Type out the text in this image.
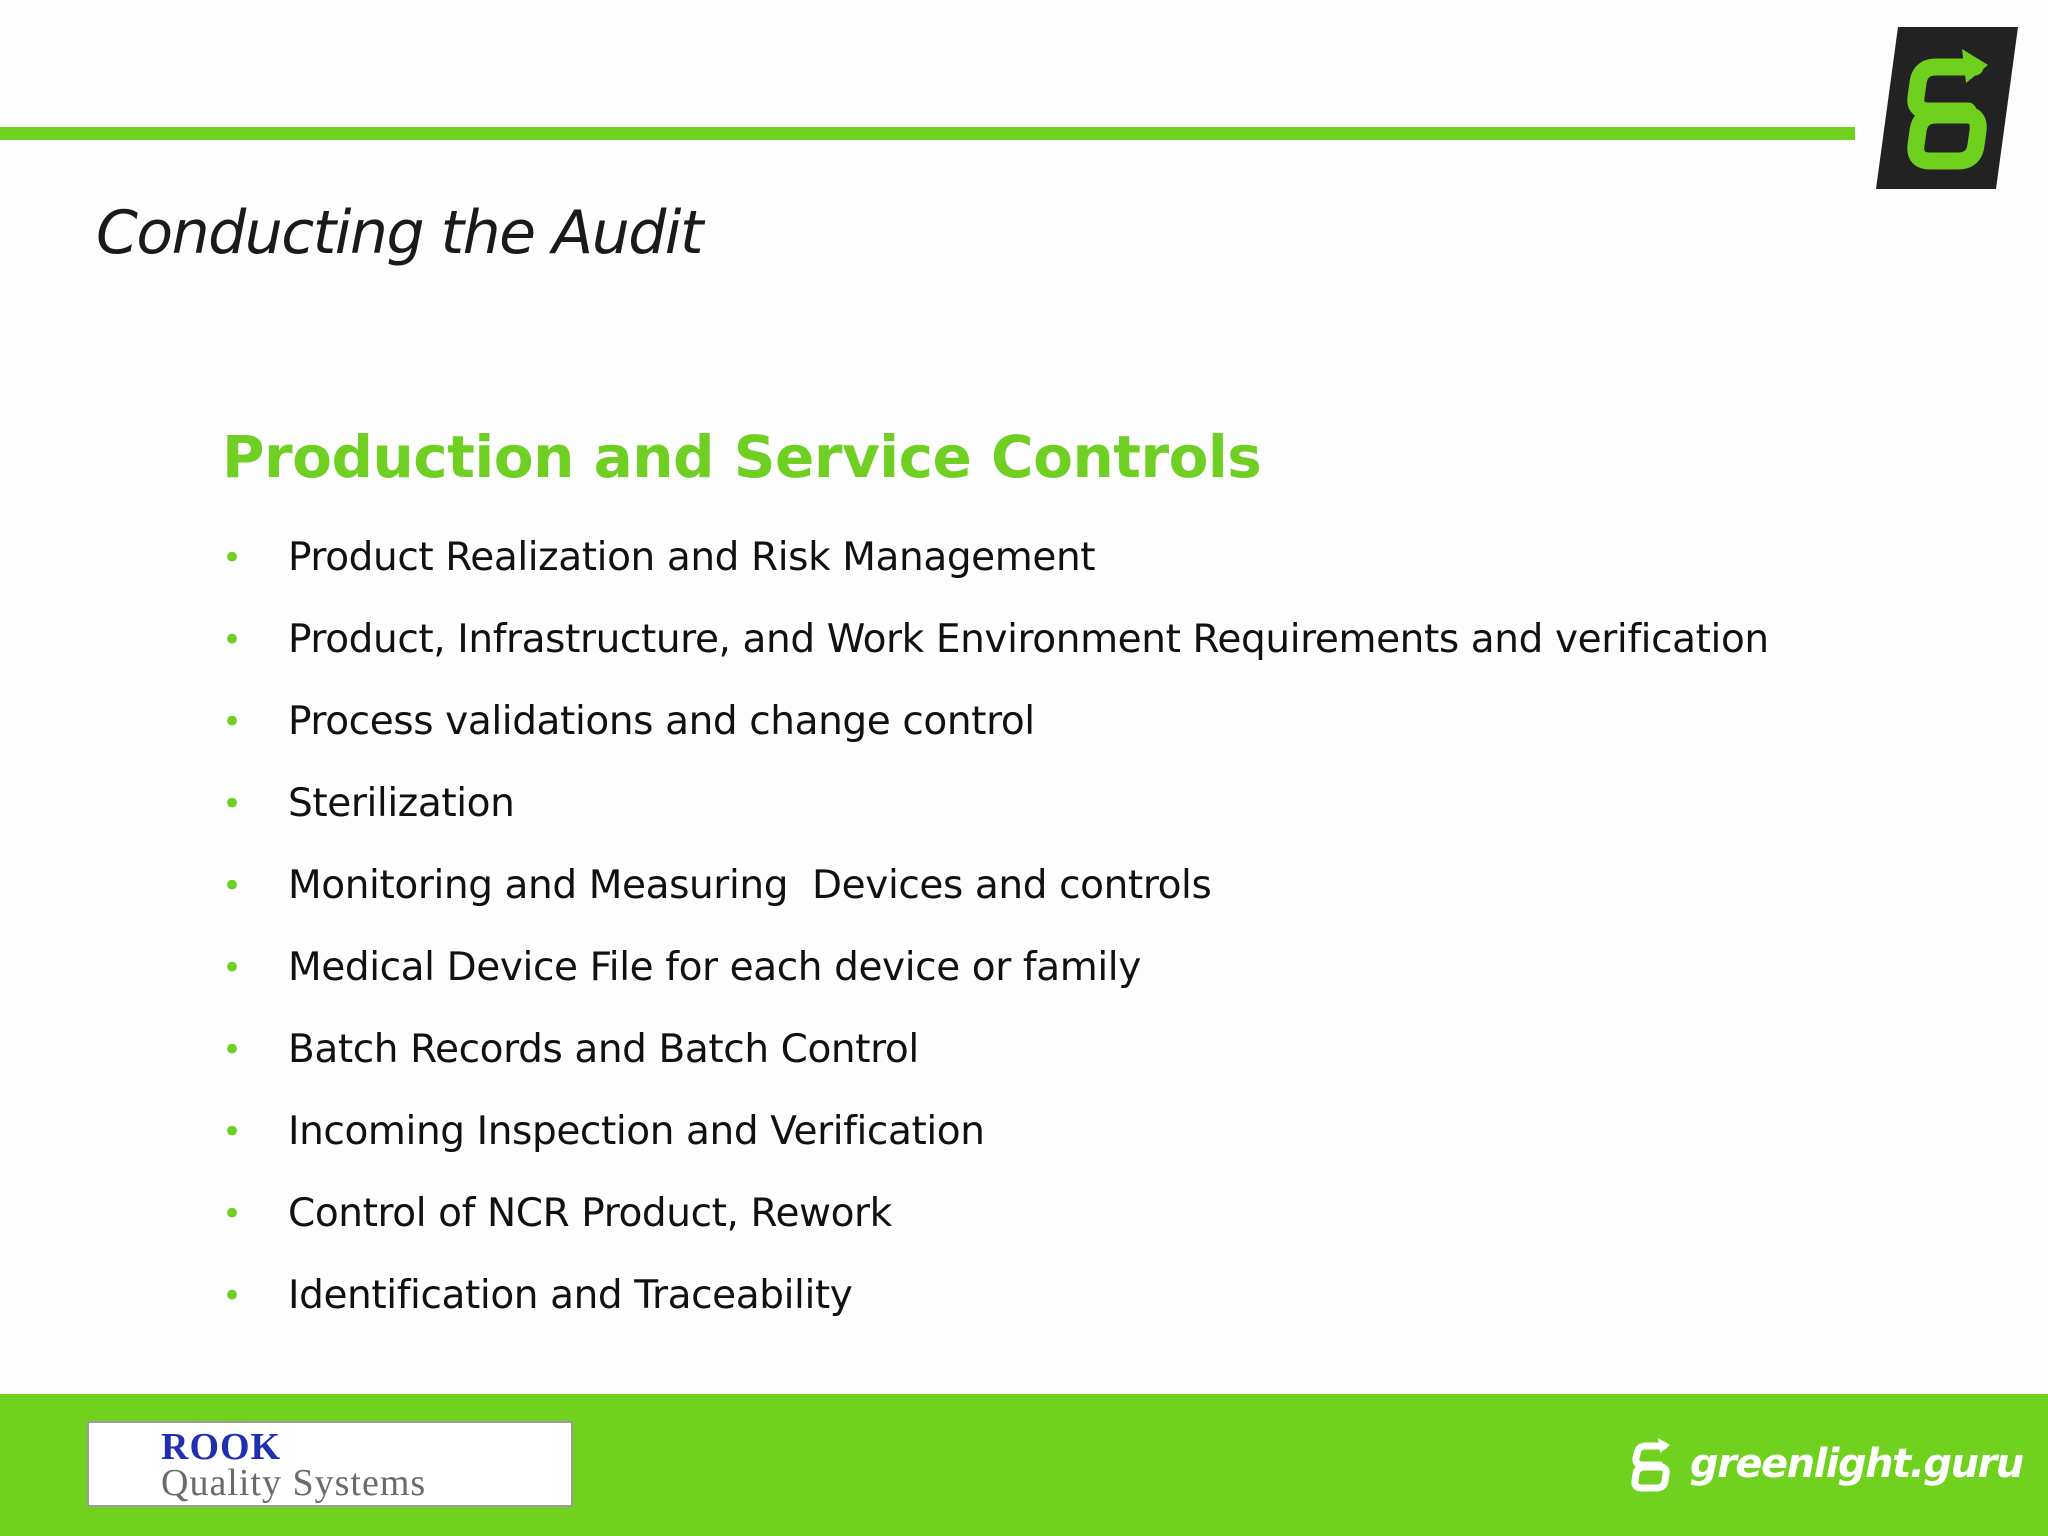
Conducting the Audit
Production and Service Controls
•	Product Realization and Risk Management
•	Product, Infrastructure, and Work Environment Requirements and verification
•	Process validations and change control
•	Sterilization
•	Monitoring and Measuring  Devices and controls
•	Medical Device File for each device or family
•	Batch Records and Batch Control
•	Incoming Inspection and Verification
•	Control of NCR Product, Rework
•	Identification and Traceability
ROOK
Quality Systems	greenlight.guru
